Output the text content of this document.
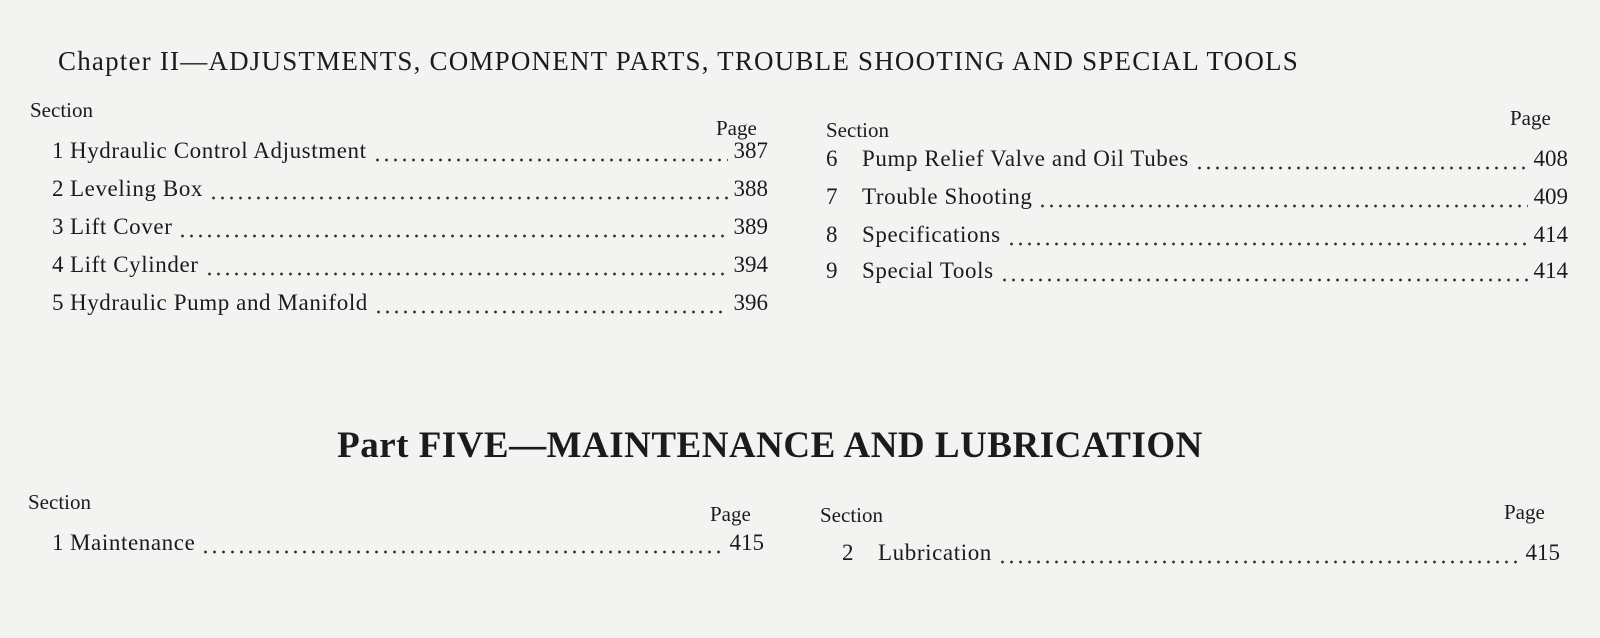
Chapter II—ADJUSTMENTS, COMPONENT PARTS, TROUBLE SHOOTING AND SPECIAL TOOLS
Section
Page	Section	Page
1 Hydraulic Control Adjustment	387
2 Leveling Box	388
3 Lift Cover	389
4 Lift Cylinder	394
5 Hydraulic Pump and Manifold	396
6	Pump Relief Valve and Oil Tubes	408
7	Trouble Shooting	409
8	Specifications	414
9	Special Tools	414
Part FIVE—MAINTENANCE AND LUBRICATION
Section	Page	Section	Page
1 Maintenance	415	2	Lubrication	415
